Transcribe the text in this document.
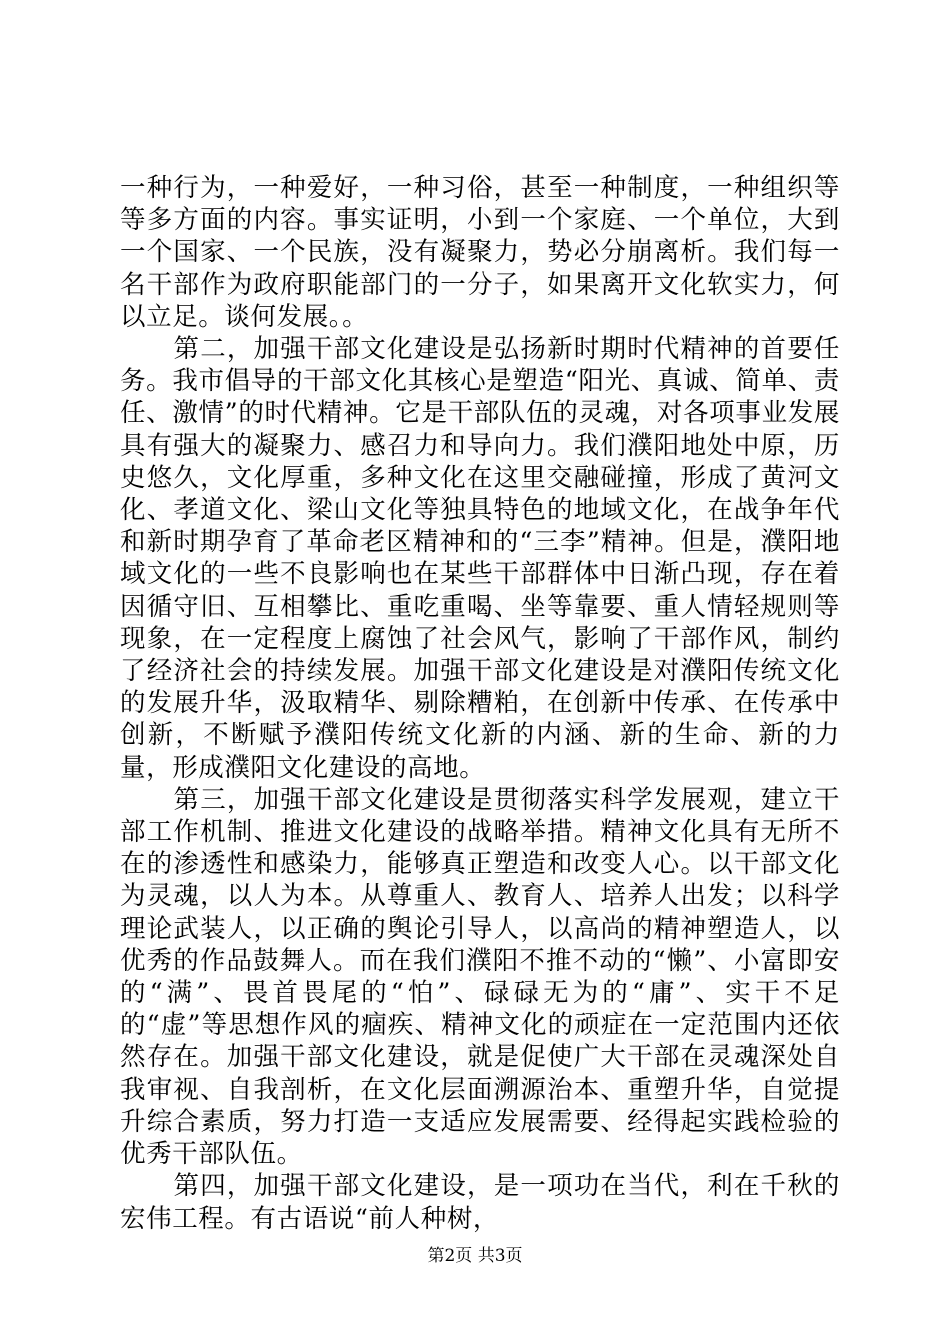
一种行为，一种爱好，一种习俗，甚至一种制度，一种组织等等多方面的内容。事实证明，小到一个家庭、一个单位，大到一个国家、一个民族，没有凝聚力，势必分崩离析。我们每一名干部作为政府职能部门的一分子，如果离开文化软实力，何以立足。谈何发展。。

第二，加强干部文化建设是弘扬新时期时代精神的首要任务。我市倡导的干部文化其核心是塑造“阳光、真诚、简单、责任、激情”的时代精神。它是干部队伍的灵魂，对各项事业发展具有强大的凝聚力、感召力和导向力。我们濮阳地处中原，历史悠久，文化厚重，多种文化在这里交融碰撞，形成了黄河文化、孝道文化、梁山文化等独具特色的地域文化，在战争年代和新时期孕育了革命老区精神和的“三李”精神。但是，濮阳地域文化的一些不良影响也在某些干部群体中日渐凸现，存在着因循守旧、互相攀比、重吃重喝、坐等靠要、重人情轻规则等现象，在一定程度上腐蚀了社会风气，影响了干部作风，制约了经济社会的持续发展。加强干部文化建设是对濮阳传统文化的发展升华，汲取精华、剔除糟粕，在创新中传承、在传承中创新，不断赋予濮阳传统文化新的内涵、新的生命、新的力量，形成濮阳文化建设的高地。

第三，加强干部文化建设是贯彻落实科学发展观，建立干部工作机制、推进文化建设的战略举措。精神文化具有无所不在的渗透性和感染力，能够真正塑造和改变人心。以干部文化为灵魂，以人为本。从尊重人、教育人、培养人出发；以科学理论武装人，以正确的舆论引导人，以高尚的精神塑造人，以优秀的作品鼓舞人。而在我们濮阳不推不动的“懒”、小富即安的“满”、畏首畏尾的“怕”、碌碌无为的“庸”、实干不足的“虚”等思想作风的痼疾、精神文化的顽症在一定范围内还依然存在。加强干部文化建设，就是促使广大干部在灵魂深处自我审视、自我剖析，在文化层面溯源治本、重塑升华，自觉提升综合素质，努力打造一支适应发展需要、经得起实践检验的优秀干部队伍。

第四，加强干部文化建设，是一项功在当代，利在千秋的宏伟工程。有古语说“前人种树，

第2页 共3页
